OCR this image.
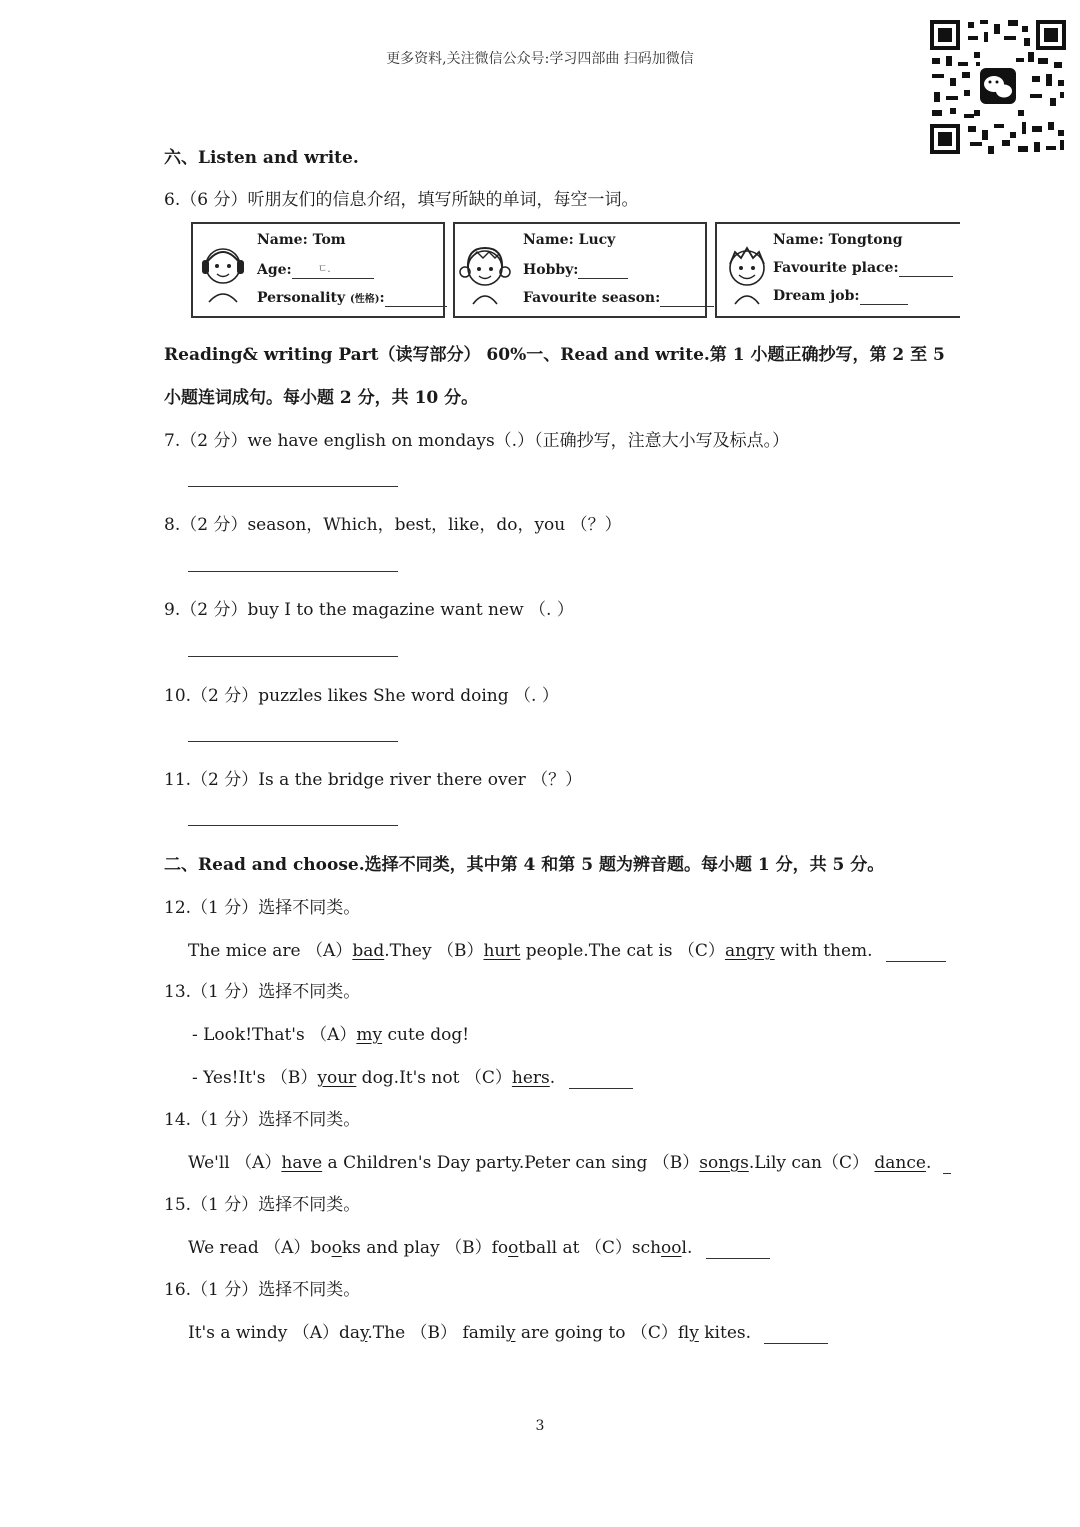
更多资料,关注微信公众号:学习四部曲 扫码加微信
六、Listen and write.
6.（6 分）听朋友们的信息介绍，填写所缺的单词，每空一词。
Name: Tom
Age:	ㄷ.

Personality (性格):
Name: Lucy
Hobby:
Favourite season:
Name: Tongtong
Favourite place:
Dream job:
Reading& writing Part（读写部分） 60%一、Read and write.第 1 小题正确抄写，第 2 至 5
小题连词成句。每小题 2 分，共 10 分。
7.（2 分）we have english on mondays（.）（正确抄写，注意大小写及标点。）
8.（2 分）season，Which，best，like，do，you （？）
9.（2 分）buy I to the magazine want new （. ）
10.（2 分）puzzles likes She word doing （. ）
11.（2 分）Is a the bridge river there over （？）
二、Read and choose.选择不同类，其中第 4 和第 5 题为辨音题。每小题 1 分，共 5 分。
12.（1 分）选择不同类。
The mice are （A）bad.They （B）hurt people.The cat is （C）angry with them.
13.（1 分）选择不同类。
- Look!That's （A）my cute dog!
- Yes!It's （B）your dog.It's not （C）hers.
14.（1 分）选择不同类。
We'll （A）have a Children's Day party.Peter can sing （B）songs.Lily can（C） dance.
15.（1 分）选择不同类。
We read （A）books and play （B）football at （C）school.
16.（1 分）选择不同类。
It's a windy （A）day.The （B） family are going to （C）fly kites.
3
